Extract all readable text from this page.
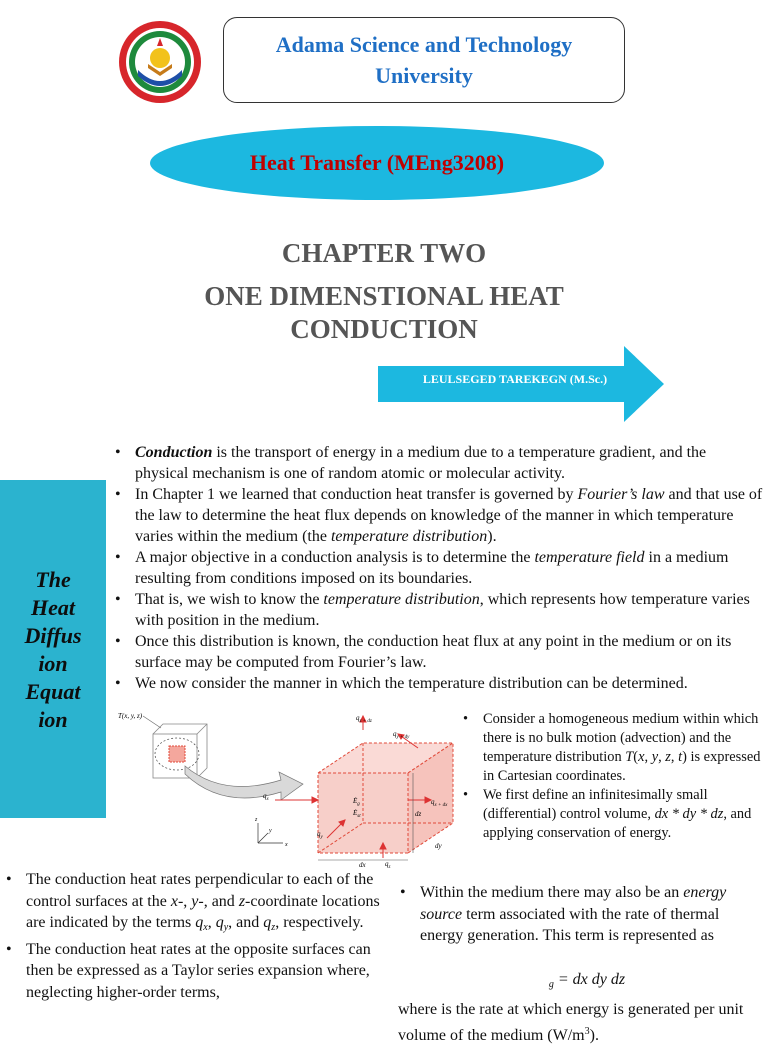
Adama Science and Technology University
Heat Transfer (MEng3208)
CHAPTER TWO
ONE DIMENSTIONAL HEAT
CONDUCTION
LEULSEGED TAREKEGN (M.Sc.)
The
Heat
Diffus
ion
Equat
ion
• Conduction is the transport of energy in a medium due to a temperature gradient, and the physical mechanism is one of random atomic or molecular activity.
• In Chapter 1 we learned that conduction heat transfer is governed by Fourier’s law and that use of the law to determine the heat flux depends on knowledge of the manner in which temperature varies within the medium (the temperature distribution).
• A major objective in a conduction analysis is to determine the temperature field in a medium resulting from conditions imposed on its boundaries.
• That is, we wish to know the temperature distribution, which represents how temperature varies with position in the medium.
• Once this distribution is known, the conduction heat flux at any point in the medium or on its surface may be computed from Fourier’s law.
• We now consider the manner in which the temperature distribution can be determined.
T(x, y, z)
$q_x$	$q_{x + dx}$
$q_{z + dz}$
$q_{y + dy}$
$q_y$
$q_z$
$Ė_g$
$Ė_{st}$
dx
dz
dy
x
z
y
• Consider a homogeneous medium within which there is no bulk motion (advection) and the temperature distribution T(x, y, z, t) is expressed in Cartesian coordinates.
• We first define an infinitesimally small (differential) control volume, dx * dy * dz, and applying conservation of energy.
• The conduction heat rates perpendicular to each of the control surfaces at the x-, y-, and z-coordinate locations are indicated by the terms $q_x$, $q_y$, and $q_z$, respectively.
• The conduction heat rates at the opposite surfaces can then be expressed as a Taylor series expansion where, neglecting higher-order terms,
• Within the medium there may also be an energy source term associated with the rate of thermal energy generation. This term is represented as
$_g$ = dx dy dz
where is the rate at which energy is generated per unit volume of the medium $(W/m^3)$.
